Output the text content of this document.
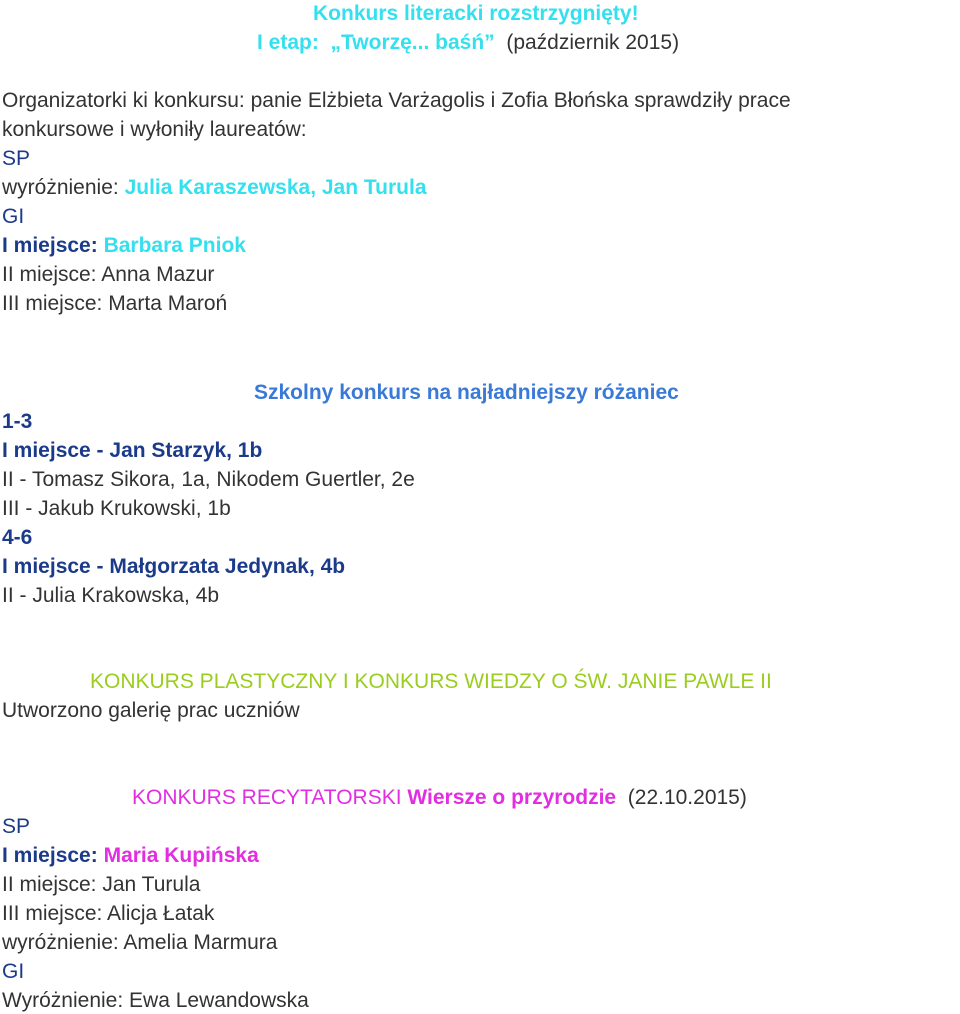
Konkurs literacki rozstrzygnięty!
I etap: „Tworzę... baśń” (październik 2015)
Organizatorki ki konkursu: panie Elżbieta Varżagolis i Zofia Błońska sprawdziły prace
konkursowe i wyłoniły laureatów:
SP
wyróżnienie: Julia Karaszewska, Jan Turula
GI
I miejsce: Barbara Pniok
II miejsce: Anna Mazur
III miejsce: Marta Maroń
Szkolny konkurs na najładniejszy różaniec
1-3
I miejsce - Jan Starzyk, 1b
II - Tomasz Sikora, 1a, Nikodem Guertler, 2e
III - Jakub Krukowski, 1b
4-6
I miejsce - Małgorzata Jedynak, 4b
II - Julia Krakowska, 4b
KONKURS PLASTYCZNY I KONKURS WIEDZY O ŚW. JANIE PAWLE II
Utworzono galerię prac uczniów
KONKURS RECYTATORSKI Wiersze o przyrodzie (22.10.2015)
SP
I miejsce: Maria Kupińska
II miejsce: Jan Turula
III miejsce: Alicja Łatak
wyróżnienie: Amelia Marmura
GI
Wyróżnienie: Ewa Lewandowska
